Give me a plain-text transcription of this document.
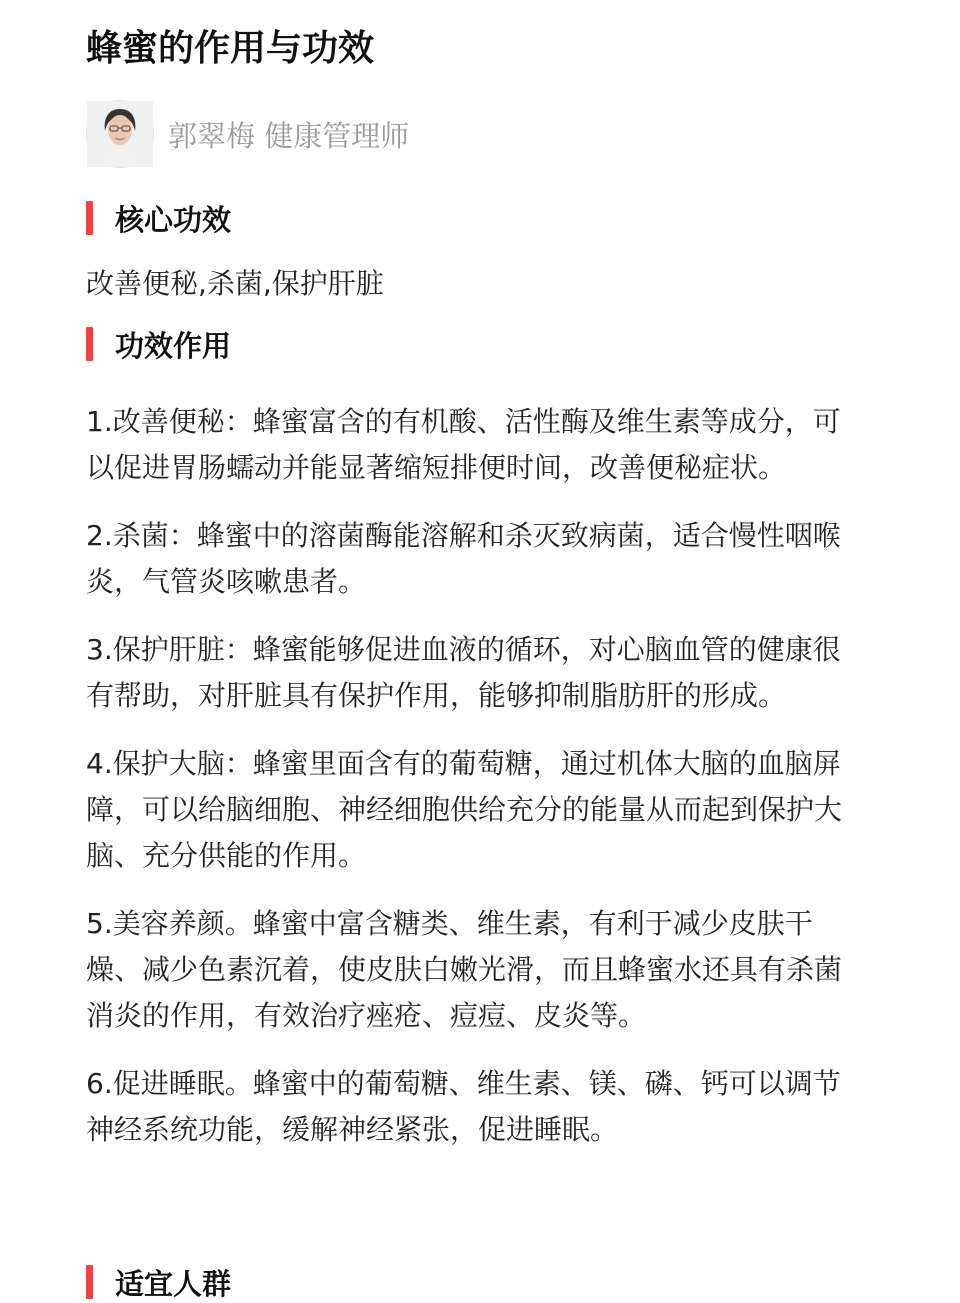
蜂蜜的作用与功效
郭翠梅 健康管理师
核心功效
改善便秘,杀菌,保护肝脏
功效作用

1.改善便秘：蜂蜜富含的有机酸、活性酶及维生素等成分，可以促进胃肠蠕动并能显著缩短排便时间，改善便秘症状。

2.杀菌：蜂蜜中的溶菌酶能溶解和杀灭致病菌，适合慢性咽喉炎，气管炎咳嗽患者。

3.保护肝脏：蜂蜜能够促进血液的循环，对心脑血管的健康很有帮助，对肝脏具有保护作用，能够抑制脂肪肝的形成。

4.保护大脑：蜂蜜里面含有的葡萄糖，通过机体大脑的血脑屏障，可以给脑细胞、神经细胞供给充分的能量从而起到保护大脑、充分供能的作用。

5.美容养颜。蜂蜜中富含糖类、维生素，有利于减少皮肤干燥、减少色素沉着，使皮肤白嫩光滑，而且蜂蜜水还具有杀菌消炎的作用，有效治疗痤疮、痘痘、皮炎等。

6.促进睡眠。蜂蜜中的葡萄糖、维生素、镁、磷、钙可以调节神经系统功能，缓解神经紧张，促进睡眠。

适宜人群
